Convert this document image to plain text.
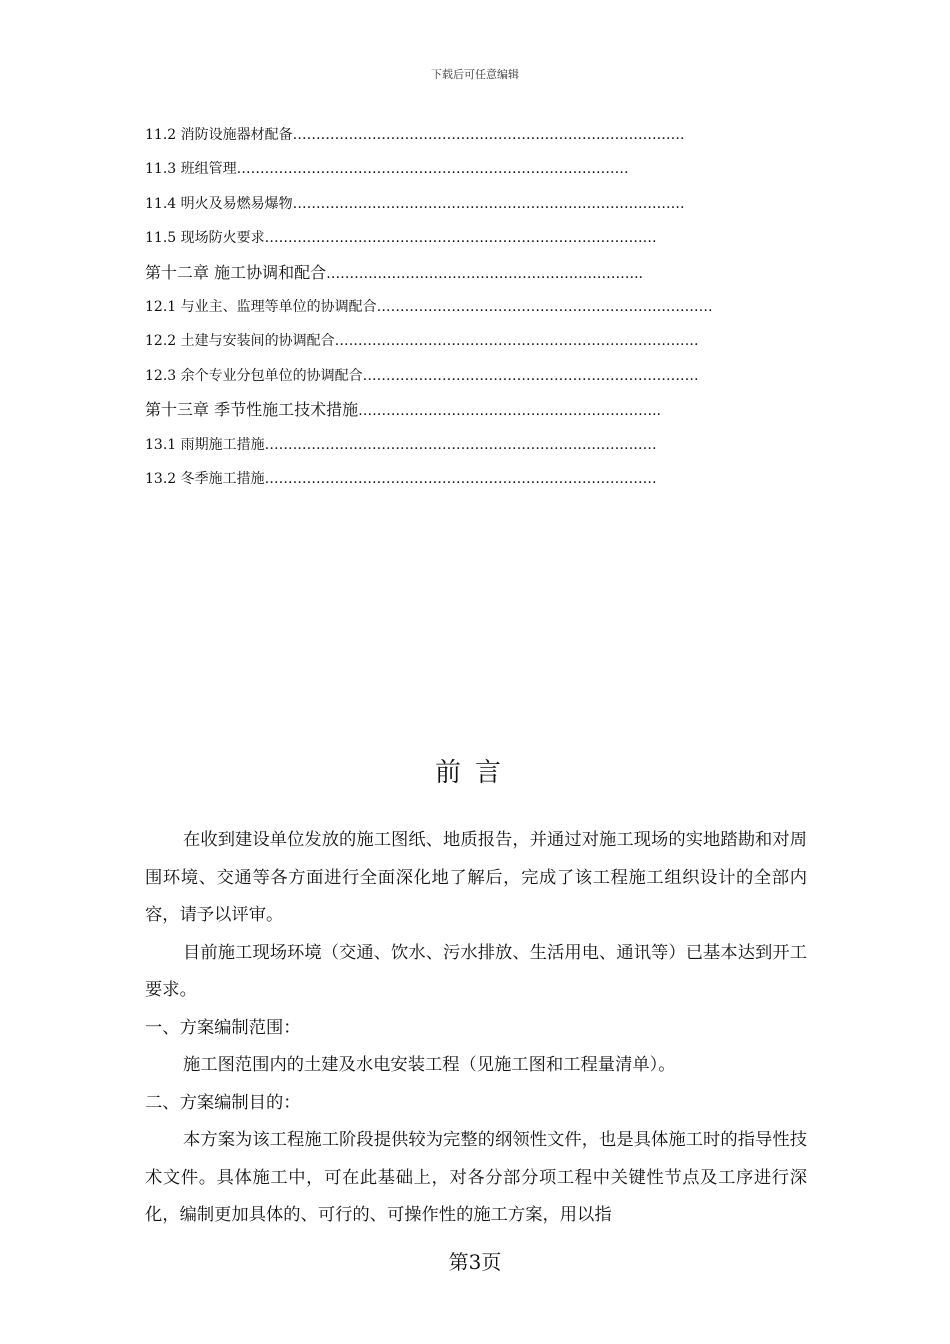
下载后可任意编辑
11.2 消防设施器材配备…………………………………………………………………………
11.3 班组管理…………………………………………………………………………
11.4 明火及易燃易爆物…………………………………………………………………………
11.5 现场防火要求…………………………………………………………………………
第十二章 施工协调和配合…………………………………………………………..
12.1 与业主、监理等单位的协调配合………………………………………………………………
12.2 土建与安装间的协调配合……………………………………………………………………
12.3 余个专业分包单位的协调配合………………………………………………………………
第十三章 季节性施工技术措施………………………………………………………..
13.1 雨期施工措施…………………………………………………………………………
13.2 冬季施工措施…………………………………………………………………………
前言

在收到建设单位发放的施工图纸、地质报告，并通过对施工现场的实地踏勘和对周围环境、交通等各方面进行全面深化地了解后，完成了该工程施工组织设计的全部内容，请予以评审。

目前施工现场环境（交通、饮水、污水排放、生活用电、通讯等）已基本达到开工要求。

一、方案编制范围：

施工图范围内的土建及水电安装工程（见施工图和工程量清单）。

二、方案编制目的：

本方案为该工程施工阶段提供较为完整的纲领性文件，也是具体施工时的指导性技术文件。具体施工中，可在此基础上，对各分部分项工程中关键性节点及工序进行深化，编制更加具体的、可行的、可操作性的施工方案，用以指

第3页
